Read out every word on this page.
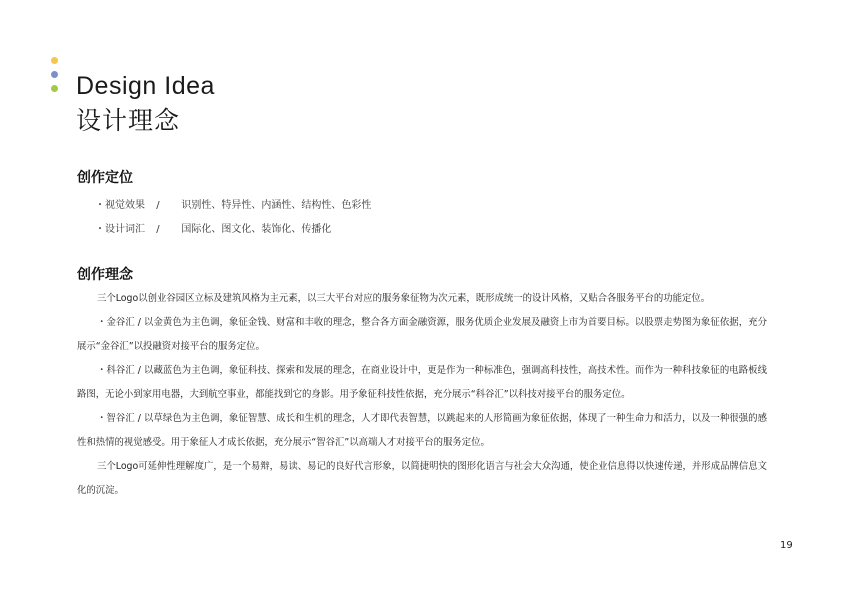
Design Idea
设计理念
创作定位
・视觉效果 / 识别性、特异性、内涵性、结构性、色彩性
・设计词汇 / 国际化、图文化、装饰化、传播化
创作理念

三个Logo以创业谷园区立标及建筑风格为主元素，以三大平台对应的服务象征物为次元素，既形成统一的设计风格，又贴合各服务平台的功能定位。

・金谷汇 / 以金黄色为主色调，象征金钱、财富和丰收的理念，整合各方面金融资源，服务优质企业发展及融资上市为首要目标。以股票走势图为象征依据，充分展示“金谷汇”以投融资对接平台的服务定位。

・科谷汇 / 以藏蓝色为主色调，象征科技、探索和发展的理念，在商业设计中，更是作为一种标准色，强调高科技性，高技术性。而作为一种科技象征的电路板线路图，无论小到家用电器，大到航空事业，都能找到它的身影。用予象征科技性依据，充分展示“科谷汇”以科技对接平台的服务定位。

・智谷汇 / 以草绿色为主色调，象征智慧、成长和生机的理念，人才即代表智慧，以跳起来的人形简画为象征依据，体现了一种生命力和活力，以及一种很强的感性和热情的视觉感受。用于象征人才成长依据，充分展示“智谷汇”以高端人才对接平台的服务定位。

三个Logo可延伸性理解度广，是一个易辩，易读、易记的良好代言形象，以简捷明快的图形化语言与社会大众沟通，使企业信息得以快速传递，并形成品牌信息文化的沉淀。

19
